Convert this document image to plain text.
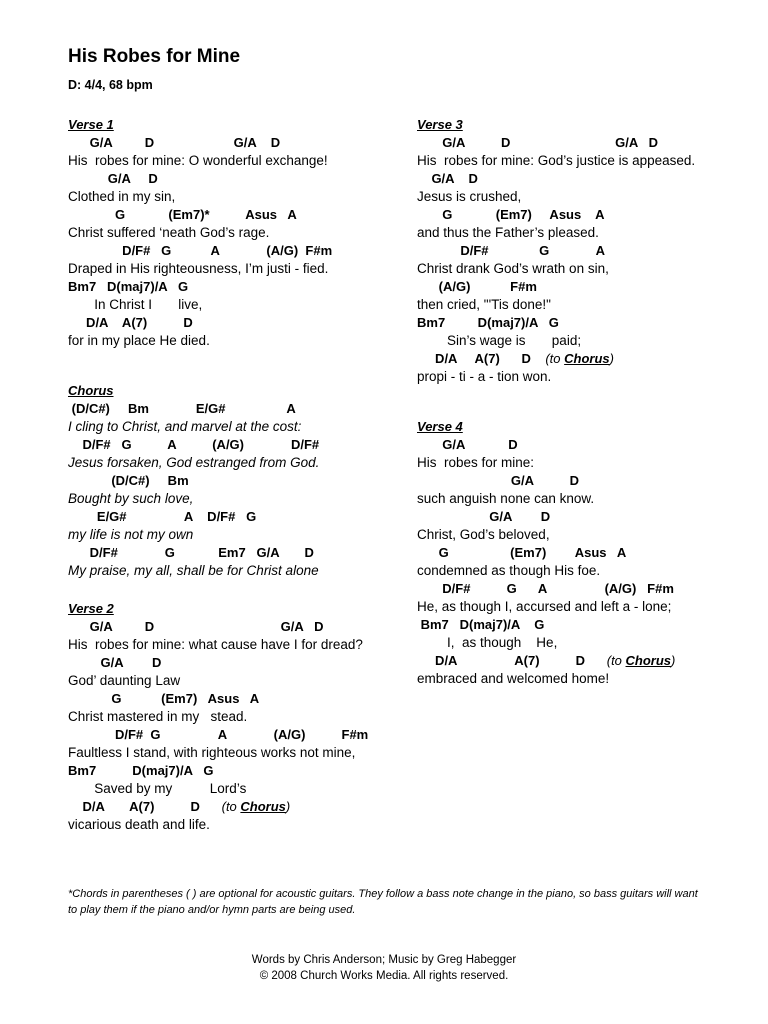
His Robes for Mine
D: 4/4, 68 bpm
Verse 1
G/A         D                      G/A    D
His  robes for mine: O wonderful exchange!
G/A     D
Clothed in my sin,
G            (Em7)*          Asus   A
Christ suffered ‘neath God’s rage.
D/F#   G           A             (A/G)  F#m
Draped in His righteousness, I’m justi - fied.
Bm7   D(maj7)/A   G
In Christ I       live,
D/A    A(7)          D
for in my place He died.
Chorus
(D/C#)     Bm             E/G#                 A
I cling to Christ, and marvel at the cost:
D/F#   G          A          (A/G)             D/F#
Jesus forsaken, God estranged from God.
(D/C#)     Bm
Bought by such love,
E/G#                A    D/F#   G
my life is not my own
D/F#             G            Em7   G/A       D
My praise, my all, shall be for Christ alone
Verse 2
G/A         D                                   G/A   D
His  robes for mine: what cause have I for dread?
G/A        D
God’ daunting Law
G           (Em7)   Asus   A
Christ mastered in my   stead.
D/F#  G                A             (A/G)          F#m
Faultless I stand, with righteous works not mine,
Bm7          D(maj7)/A   G
Saved by my          Lord’s
D/A       A(7)          D (to Chorus)
vicarious death and life.
Verse 3
G/A          D                             G/A   D
His  robes for mine: God’s justice is appeased.
G/A    D
Jesus is crushed,
G            (Em7)     Asus    A
and thus the Father’s pleased.
D/F#              G             A
Christ drank God’s wrath on sin,
(A/G)           F#m
then cried, "'Tis done!"
Bm7         D(maj7)/A   G
Sin’s wage is       paid;
D/A     A(7)      D (to Chorus)
propi - ti - a - tion won.
Verse 4
G/A            D
His  robes for mine:
G/A          D
such anguish none can know.
G/A        D
Christ, God’s beloved,
G                 (Em7)        Asus   A
condemned as though His foe.
D/F#          G      A                (A/G)   F#m
He, as though I, accursed and left a - lone;
Bm7   D(maj7)/A    G
I,  as though    He,
D/A                A(7)          D (to Chorus)
embraced and welcomed home!
*Chords in parentheses ( ) are optional for acoustic guitars. They follow a bass note change in the piano, so bass guitars will want to play them if the piano and/or hymn parts are being used.
Words by Chris Anderson; Music by Greg Habegger
© 2008 Church Works Media. All rights reserved.
